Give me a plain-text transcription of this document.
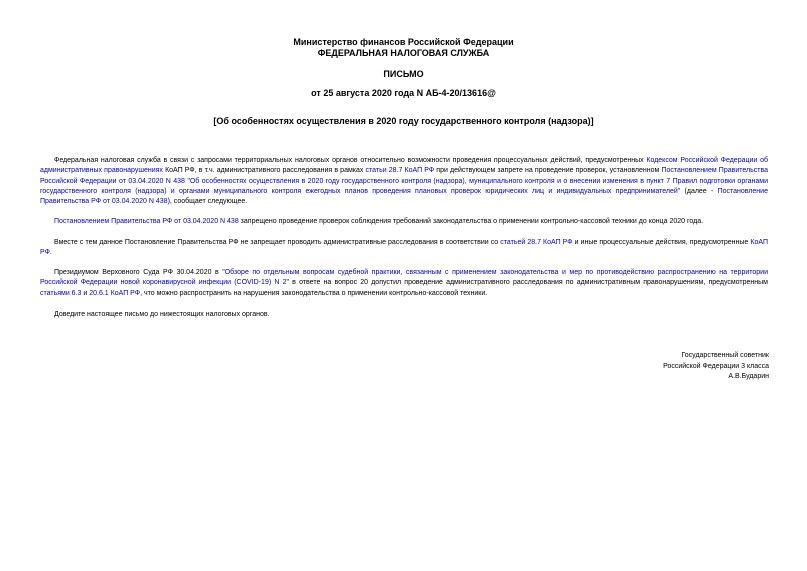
Министерство финансов Российской Федерации
ФЕДЕРАЛЬНАЯ НАЛОГОВАЯ СЛУЖБА
ПИСЬМО
от 25 августа 2020 года N АБ-4-20/13616@
[Об особенностях осуществления в 2020 году государственного контроля (надзора)]

Федеральная налоговая служба в связи с запросами территориальных налоговых органов относительно возможности проведения процессуальных действий, предусмотренных Кодексом Российской Федерации об административных правонарушениях КоАП РФ, в т.ч. административного расследования в рамках статьи 28.7 КоАП РФ при действующем запрете на проведение проверок, установленном Постановлением Правительства Российской Федерации от 03.04.2020 N 438 "Об особенностях осуществления в 2020 году государственного контроля (надзора), муниципального контроля и о внесении изменения в пункт 7 Правил подготовки органами государственного контроля (надзора) и органами муниципального контроля ежегодных планов проведения плановых проверок юридических лиц и индивидуальных предпринимателей" (далее - Постановление Правительства РФ от 03.04.2020 N 438), сообщает следующее.

Постановлением Правительства РФ от 03.04.2020 N 438 запрещено проведение проверок соблюдения требований законодательства о применении контрольно-кассовой техники до конца 2020 года.

Вместе с тем данное Постановление Правительства РФ не запрещает проводить административные расследования в соответствии со статьей 28.7 КоАП РФ и иные процессуальные действия, предусмотренные КоАП РФ.

Президиумом Верховного Суда РФ 30.04.2020 в "Обзоре по отдельным вопросам судебной практики, связанным с применением законодательства и мер по противодействию распространению на территории Российской Федерации новой коронавирусной инфекции (COVID-19) N 2" в ответе на вопрос 20 допустил проведение административного расследования по административным правонарушениям, предусмотренным статьями 6.3 и 20.6.1 КоАП РФ, что можно распространить на нарушения законодательства о применении контрольно-кассовой техники.

Доведите настоящее письмо до нижестоящих налоговых органов.

Государственный советник
Российской Федерации 3 класса
А.В.Бударин
